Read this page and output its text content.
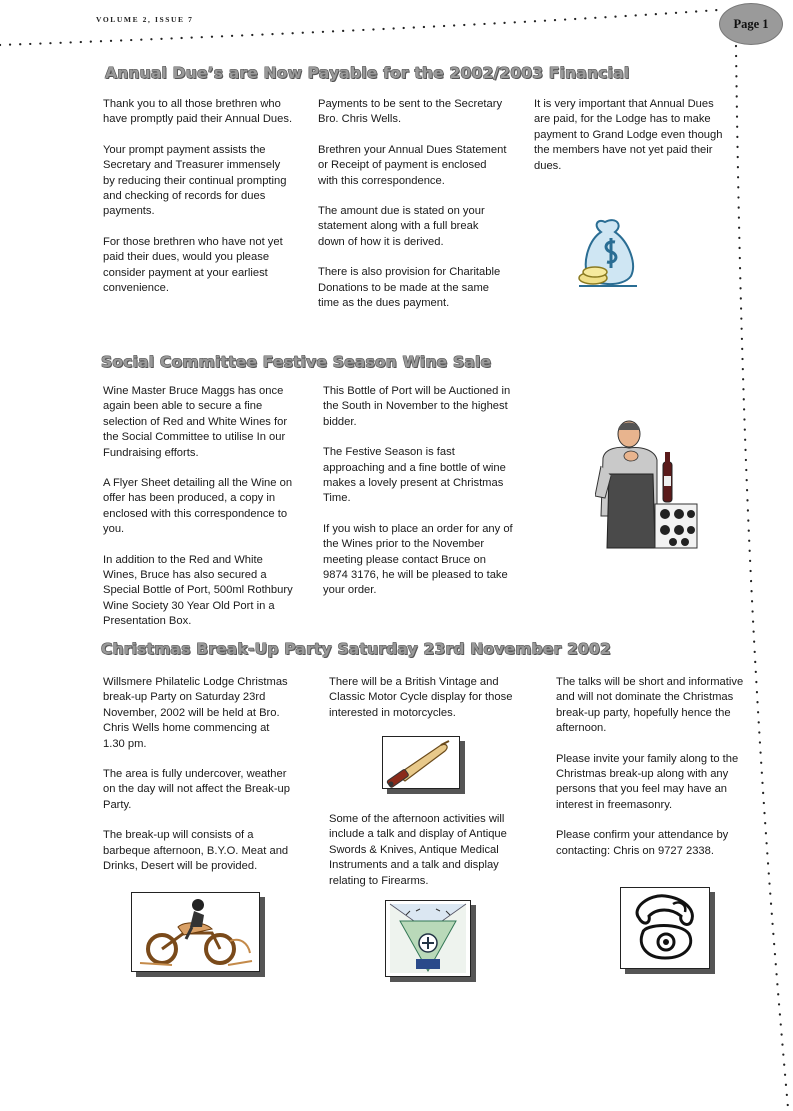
VOLUME 2, ISSUE 7	Page 1
Annual Due’s are Now Payable for the 2002/2003 Financial

Thank you to all those brethren who have promptly paid their Annual Dues.

Your prompt payment assists the Secretary and Treasurer immensely by reducing their continual prompting and checking of records for dues payments.

For those brethren who have not yet paid their dues, would you please consider payment at your earliest convenience.

Payments to be sent to the Secretary Bro. Chris Wells.

Brethren your Annual Dues Statement or Receipt of payment is enclosed with this correspondence.

The amount due is stated on your statement along with a full break down of how it is derived.

There is also provision for Charitable Donations to be made at the same time as the dues payment.

It is very important that Annual Dues are paid, for the Lodge has to make payment to Grand Lodge even though the members have not yet paid their dues.

Social Committee Festive Season Wine Sale

Wine Master Bruce Maggs has once again been able to secure a fine selection of Red and White Wines for the Social Committee to utilise In our Fundraising efforts.

A Flyer Sheet detailing all the Wine on offer has been produced, a copy in enclosed with this correspondence to you.

In addition to the Red and White Wines, Bruce has also secured a Special Bottle of Port, 500ml Rothbury Wine Society 30 Year Old Port in a Presentation Box.

This Bottle of Port will be Auctioned in the South in November to the highest bidder.

The Festive Season is fast approaching and a fine bottle of wine makes a lovely present at Christmas Time.

If you wish to place an order for any of the Wines prior to the November meeting please contact Bruce on 9874 3176, he will be pleased to take your order.

Christmas Break-Up Party Saturday 23rd November 2002

Willsmere Philatelic Lodge Christmas break-up Party on Saturday 23rd November, 2002 will be held at Bro. Chris Wells home commencing at 1.30 pm.

The area is fully undercover, weather on the day will not affect the Break-up Party.

The break-up will consists of a barbeque afternoon, B.Y.O. Meat and Drinks, Desert will be provided.

There will be a British Vintage and Classic Motor Cycle display for those interested in motorcycles.

Some of the afternoon activities will include a talk and display of Antique Swords & Knives, Antique Medical Instruments and a talk and display relating to Firearms.

The talks will be short and informative and will not dominate the Christmas break-up party, hopefully hence the afternoon.

Please invite your family along to the Christmas break-up along with any persons that you feel may have an interest in freemasonry.

Please confirm your attendance by contacting: Chris on 9727 2338.
